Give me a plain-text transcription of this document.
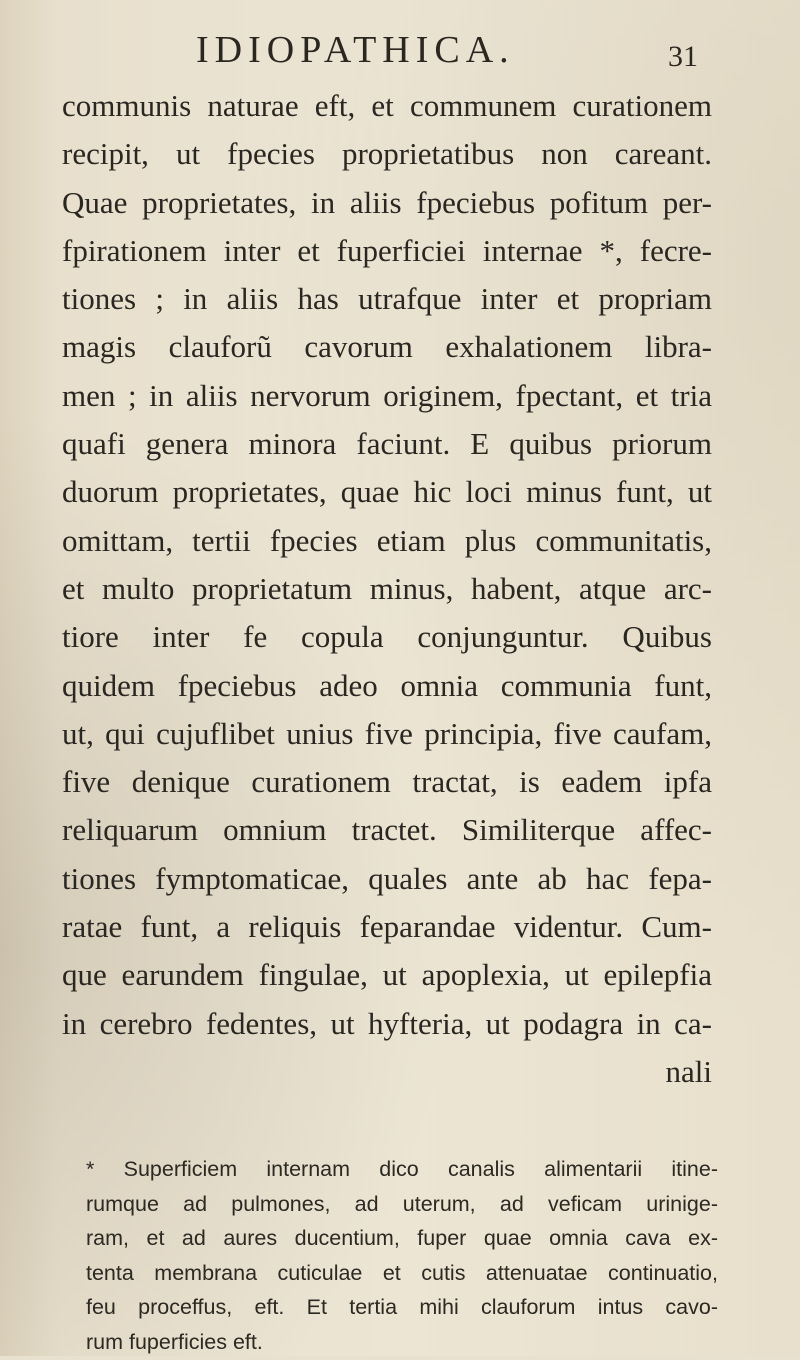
IDIOPATHICA.	31
communis naturae eft, et communem curationem
recipit, ut fpecies proprietatibus non careant.
Quae proprietates, in aliis fpeciebus pofitum per-
fpirationem inter et fuperficiei internae *, fecre-
tiones ; in aliis has utrafque inter et propriam
magis clauforũ cavorum exhalationem libra-
men ; in aliis nervorum originem, fpectant, et tria
quafi genera minora faciunt. E quibus priorum
duorum proprietates, quae hic loci minus funt, ut
omittam, tertii fpecies etiam plus communitatis,
et multo proprietatum minus, habent, atque arc-
tiore inter fe copula conjunguntur. Quibus
quidem fpeciebus adeo omnia communia funt,
ut, qui cujuflibet unius five principia, five caufam,
five denique curationem tractat, is eadem ipfa
reliquarum omnium tractet. Similiterque affec-
tiones fymptomaticae, quales ante ab hac fepa-
ratae funt, a reliquis feparandae videntur. Cum-
que earundem fingulae, ut apoplexia, ut epilepfia
in cerebro fedentes, ut hyfteria, ut podagra in ca-
nali
* Superficiem internam dico canalis alimentarii itine-
rumque ad pulmones, ad uterum, ad veficam urinige-
ram, et ad aures ducentium, fuper quae omnia cava ex-
tenta membrana cuticulae et cutis attenuatae continuatio,
feu proceffus, eft. Et tertia mihi clauforum intus cavo-
rum fuperficies eft.
